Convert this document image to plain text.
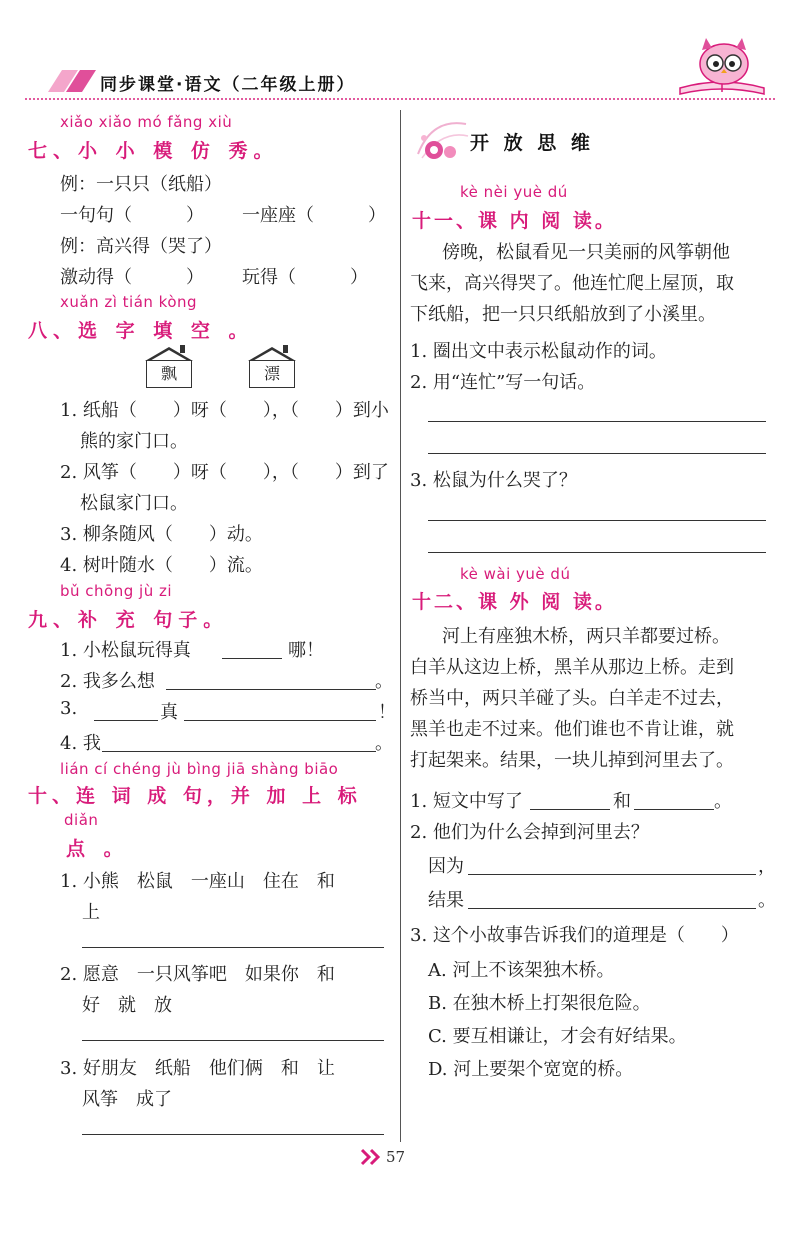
同步课堂·语文（二年级上册）
xiǎo xiǎo mó fǎng xiù
七、小 小 模 仿 秀。
例：一只只（纸船）
一句句（　　　） 一座座（　　　）
例：高兴得（哭了）
激动得（　　　） 玩得（　　　）
xuǎn zì tián kòng
八、选 字 填 空 。
飘	漂
1. 纸船（　　）呀（　　），（　　）到小
熊的家门口。
2. 风筝（　　）呀（　　），（　　）到了
松鼠家门口。
3. 柳条随风（　　）动。
4. 树叶随水（　　）流。
bǔ chōng jù zi
九、补 充 句子。
1. 小松鼠玩得真	哪！
2. 我多么想	。
3.	真	！
4. 我	。
lián cí chéng jù bìng jiā shàng biāo
十、连 词 成 句，并 加 上 标
diǎn
点 。
1. 小熊　松鼠　一座山　住在　和
上
2. 愿意　一只风筝吧　如果你　和
好　就　放
3. 好朋友　纸船　他们俩　和　让
风筝　成了
开 放 思 维
kè nèi yuè dú
十一、课 内 阅 读。
傍晚，松鼠看见一只美丽的风筝朝他
飞来，高兴得哭了。他连忙爬上屋顶，取
下纸船，把一只只纸船放到了小溪里。
1. 圈出文中表示松鼠动作的词。
2. 用“连忙”写一句话。
3. 松鼠为什么哭了？
kè wài yuè dú
十二、课 外 阅 读。
河上有座独木桥，两只羊都要过桥。
白羊从这边上桥，黑羊从那边上桥。走到
桥当中，两只羊碰了头。白羊走不过去，
黑羊也走不过来。他们谁也不肯让谁，就
打起架来。结果，一块儿掉到河里去了。
1. 短文中写了	和	。
2. 他们为什么会掉到河里去？
因为	，
结果	。
3. 这个小故事告诉我们的道理是（　　）
A. 河上不该架独木桥。
B. 在独木桥上打架很危险。
C. 要互相谦让，才会有好结果。
D. 河上要架个宽宽的桥。
57
